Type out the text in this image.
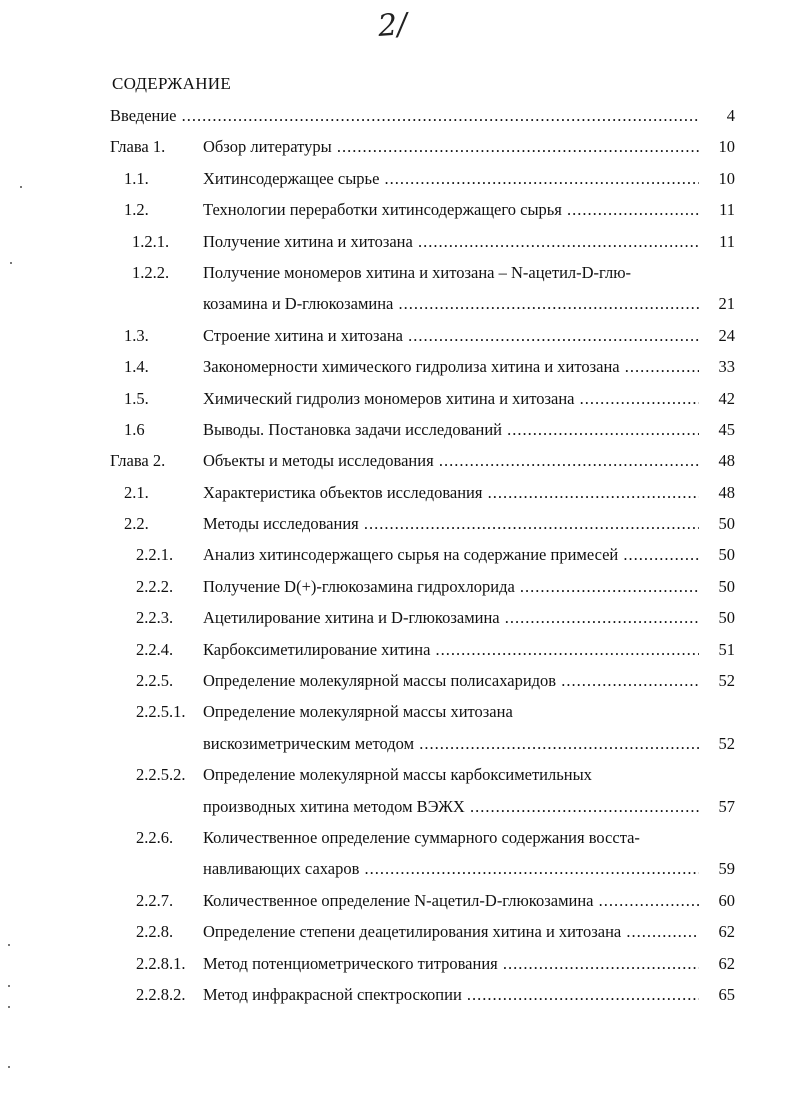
2/
СОДЕРЖАНИЕ
Введение .....	4
Глава 1. Обзор литературы .....	10
1.1.	Хитинсодержащее сырье .....	10
1.2.	Технологии переработки хитинсодержащего сырья .....	11
1.2.1. Получение хитина и хитозана .....	11
1.2.2. Получение мономеров хитина и хитозана – N-ацетил-D-глю-
козамина и D-глюкозамина .....	21
1.3.	Строение хитина и хитозана .....	24
1.4.	Закономерности химического гидролиза хитина и хитозана .....	33
1.5.	Химический гидролиз мономеров хитина и хитозана .....	42
1.6	Выводы. Постановка задачи исследований .....	45
Глава 2. Объекты и методы исследования .....	48
2.1.	Характеристика объектов исследования .....	48
2.2.	Методы исследования .....	50
2.2.1. Анализ хитинсодержащего сырья на содержание примесей .....	50
2.2.2. Получение D(+)-глюкозамина гидрохлорида .....	50
2.2.3. Ацетилирование хитина и D-глюкозамина .....	50
2.2.4. Карбоксиметилирование хитина .....	51
2.2.5. Определение молекулярной массы полисахаридов .....	52
2.2.5.1. Определение молекулярной массы хитозана
вискозиметрическим методом .....	52
2.2.5.2. Определение молекулярной массы карбоксиметильных
производных хитина методом ВЭЖХ .....	57
2.2.6. Количественное определение суммарного содержания восста-
навливающих сахаров .....	59
2.2.7. Количественное определение N-ацетил-D-глюкозамина .....	60
2.2.8. Определение степени деацетилирования хитина и хитозана .....	62
2.2.8.1. Метод потенциометрического титрования .....	62
2.2.8.2. Метод инфракрасной спектроскопии .....	65
